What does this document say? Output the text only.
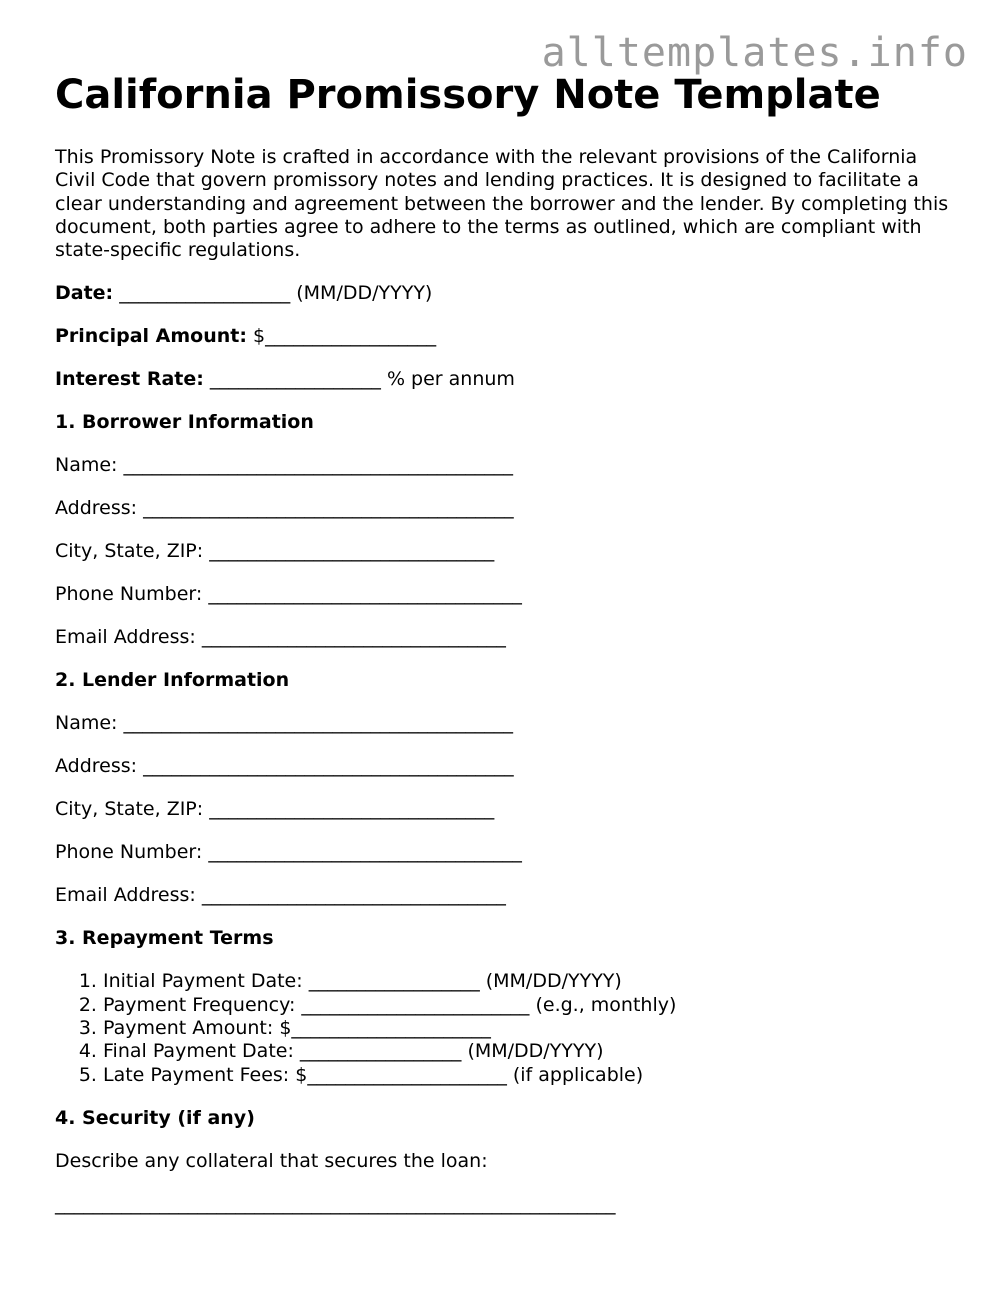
alltemplates.info
California Promissory Note Template

This Promissory Note is crafted in accordance with the relevant provisions of the California Civil Code that govern promissory notes and lending practices. It is designed to facilitate a clear understanding and agreement between the borrower and the lender. By completing this document, both parties agree to adhere to the terms as outlined, which are compliant with state-specific regulations.

Date: __________________ (MM/DD/YYYY)

Principal Amount: $__________________

Interest Rate: __________________ % per annum

1. Borrower Information

Name: _________________________________________

Address: _______________________________________

City, State, ZIP: ______________________________

Phone Number: _________________________________

Email Address: ________________________________

2. Lender Information

Name: _________________________________________

Address: _______________________________________

City, State, ZIP: ______________________________

Phone Number: _________________________________

Email Address: ________________________________

3. Repayment Terms

1. Initial Payment Date: __________________ (MM/DD/YYYY)
2. Payment Frequency: ________________________ (e.g., monthly)
3. Payment Amount: $_____________________
4. Final Payment Date: _________________ (MM/DD/YYYY)
5. Late Payment Fees: $_____________________ (if applicable)

4. Security (if any)

Describe any collateral that secures the loan:

___________________________________________________________
